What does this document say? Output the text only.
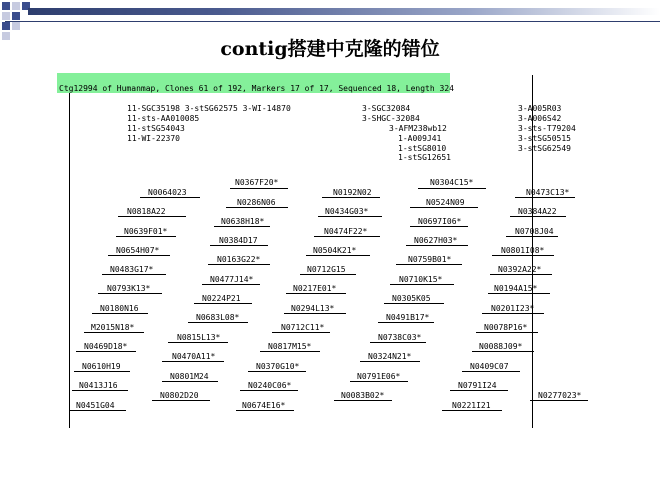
contig搭建中克隆的错位
Ctg12994 of Humanmap, Clones 61 of 192, Markers 17 of 17, Sequenced 18, Length 324
11-SGC35198 3-stSG62575 3-WI-14870
11-sts-AA010085
11-stSG54043
11-WI-22370
3-SGC32084
3-SHGC-32084
3-AFM238wb12
1-A009J41
1-stSG8010
1-stSG12651
3-A005R03
3-A006S42
3-sts-T79204
3-stSG50515
3-stSG62549
N0367F20*	N0304C15*
N0064023	N0192N02	N0473C13*
N0286N06	N0524N09
N0818A22	N0434G03*	N0384A22
N0638H18*	N0697I06*
N0639F01*	N0474F22*	N0708J04
N0384D17	N0627H03*
N0654H07*	N0504K21*	N0801I08*
N0163G22*	N0759B01*
N0483G17*	N0712G15	N0392A22*
N0477J14*	N0710K15*
N0793K13*	N0217E01*	N0194A15*
N0224P21	N0305K05
N0180N16	N0294L13*	N0201I23*
N0683L08*	N0491B17*
M2015N18*	N0712C11*	N0078P16*
N0815L13*	N0738C03*
N0469D18*	N0817M15*	N0088J09*
N0470A11*	N0324N21*
N0610H19	N0370G10*	N0409C07
N0801M24	N0791E06*
N0413J16	N0240C06*	N0791I24
N0802D20	N0083B02*	N0277023*
N0451G04	N0674E16*	N0221I21
